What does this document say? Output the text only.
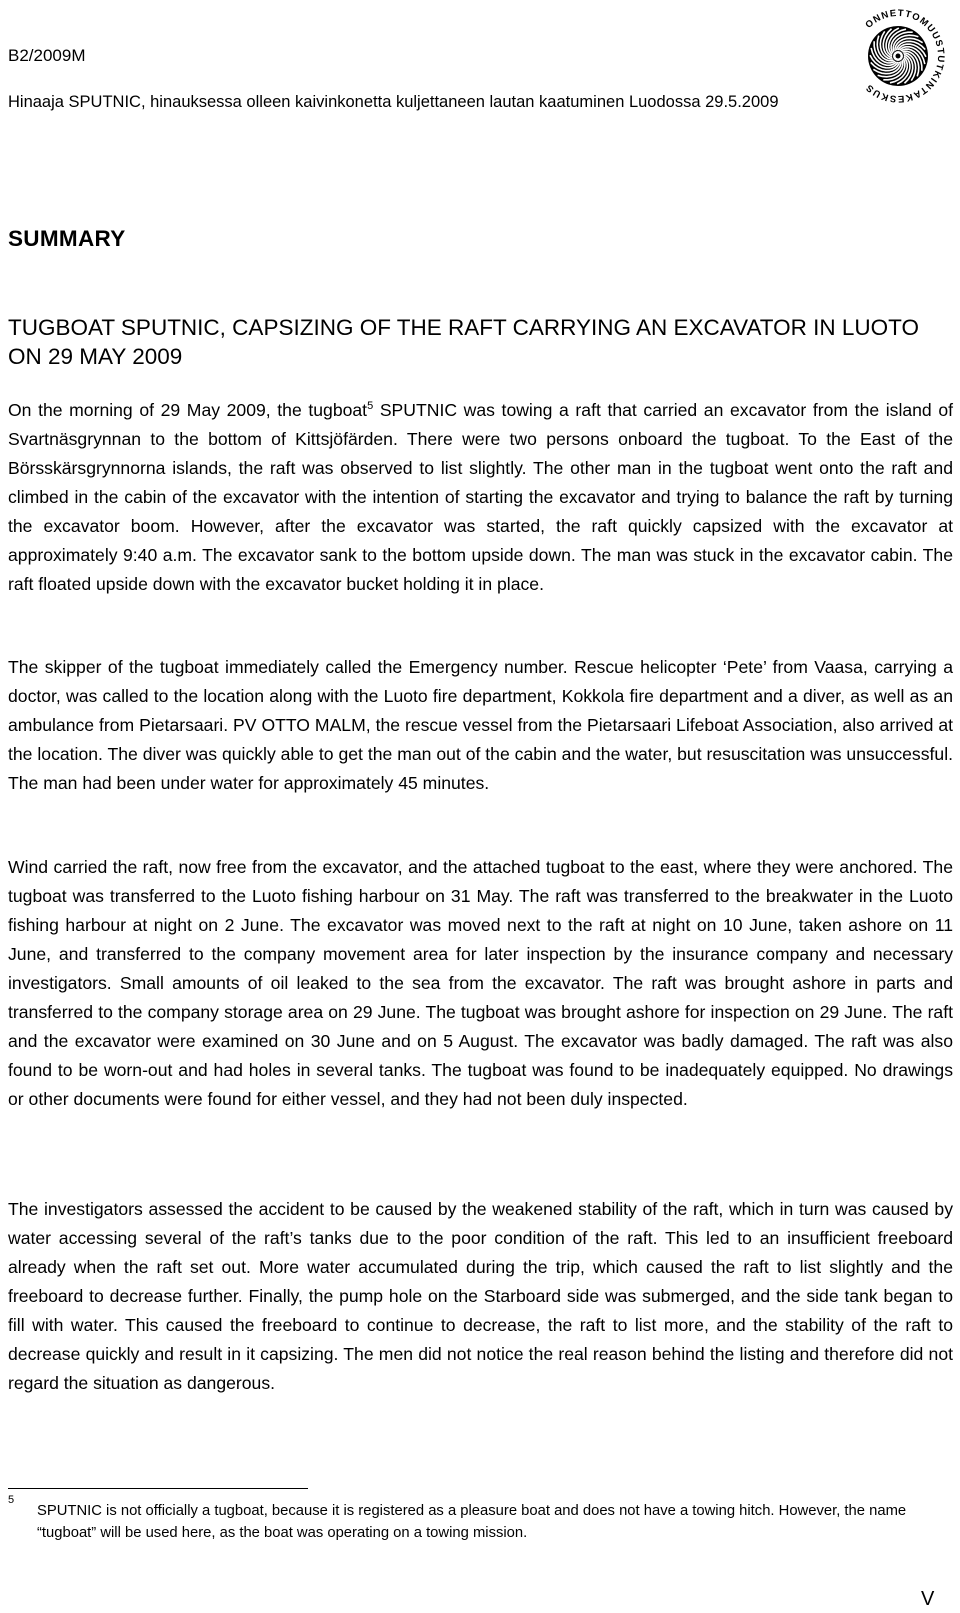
B2/2009M
Hinaaja SPUTNIC, hinauksessa olleen kaivinkonetta kuljettaneen lautan kaatuminen Luodossa 29.5.2009
ONNETTOMUUSTUTKINTAKESKUS
SUMMARY
TUGBOAT SPUTNIC, CAPSIZING OF THE RAFT CARRYING AN EXCAVATOR IN LUOTO ON 29 MAY 2009

On the morning of 29 May 2009, the tugboat$^5$ SPUTNIC was towing a raft that carried an excavator from the island of Svartnäsgrynnan to the bottom of Kittsjöfärden. There were two persons onboard the tugboat. To the East of the Börsskärsgrynnorna islands, the raft was observed to list slightly. The other man in the tugboat went onto the raft and climbed in the cabin of the excavator with the intention of starting the excavator and trying to balance the raft by turning the excavator boom. However, after the excavator was started, the raft quickly capsized with the excavator at approximately 9:40 a.m. The excavator sank to the bottom upside down. The man was stuck in the excavator cabin. The raft floated upside down with the excavator bucket holding it in place.

The skipper of the tugboat immediately called the Emergency number. Rescue helicopter ‘Pete’ from Vaasa, carrying a doctor, was called to the location along with the Luoto fire department, Kokkola fire department and a diver, as well as an ambulance from Pietarsaari. PV OTTO MALM, the rescue vessel from the Pietarsaari Lifeboat Association, also arrived at the location. The diver was quickly able to get the man out of the cabin and the water, but resuscitation was unsuccessful. The man had been under water for approximately 45 minutes.

Wind carried the raft, now free from the excavator, and the attached tugboat to the east, where they were anchored. The tugboat was transferred to the Luoto fishing harbour on 31 May. The raft was transferred to the breakwater in the Luoto fishing harbour at night on 2 June. The excavator was moved next to the raft at night on 10 June, taken ashore on 11 June, and transferred to the company movement area for later inspection by the insurance company and necessary investigators. Small amounts of oil leaked to the sea from the excavator. The raft was brought ashore in parts and transferred to the company storage area on 29 June. The tugboat was brought ashore for inspection on 29 June. The raft and the excavator were examined on 30 June and on 5 August. The excavator was badly damaged. The raft was also found to be worn-out and had holes in several tanks. The tugboat was found to be inadequately equipped. No drawings or other documents were found for either vessel, and they had not been duly inspected.

The investigators assessed the accident to be caused by the weakened stability of the raft, which in turn was caused by water accessing several of the raft’s tanks due to the poor condition of the raft. This led to an insufficient freeboard already when the raft set out. More water accumulated during the trip, which caused the raft to list slightly and the freeboard to decrease further. Finally, the pump hole on the Starboard side was submerged, and the side tank began to fill with water. This caused the freeboard to continue to decrease, the raft to list more, and the stability of the raft to decrease quickly and result in it capsizing. The men did not notice the real reason behind the listing and therefore did not regard the situation as dangerous.

5
SPUTNIC is not officially a tugboat, because it is registered as a pleasure boat and does not have a towing hitch. However, the name “tugboat” will be used here, as the boat was operating on a towing mission.
V
